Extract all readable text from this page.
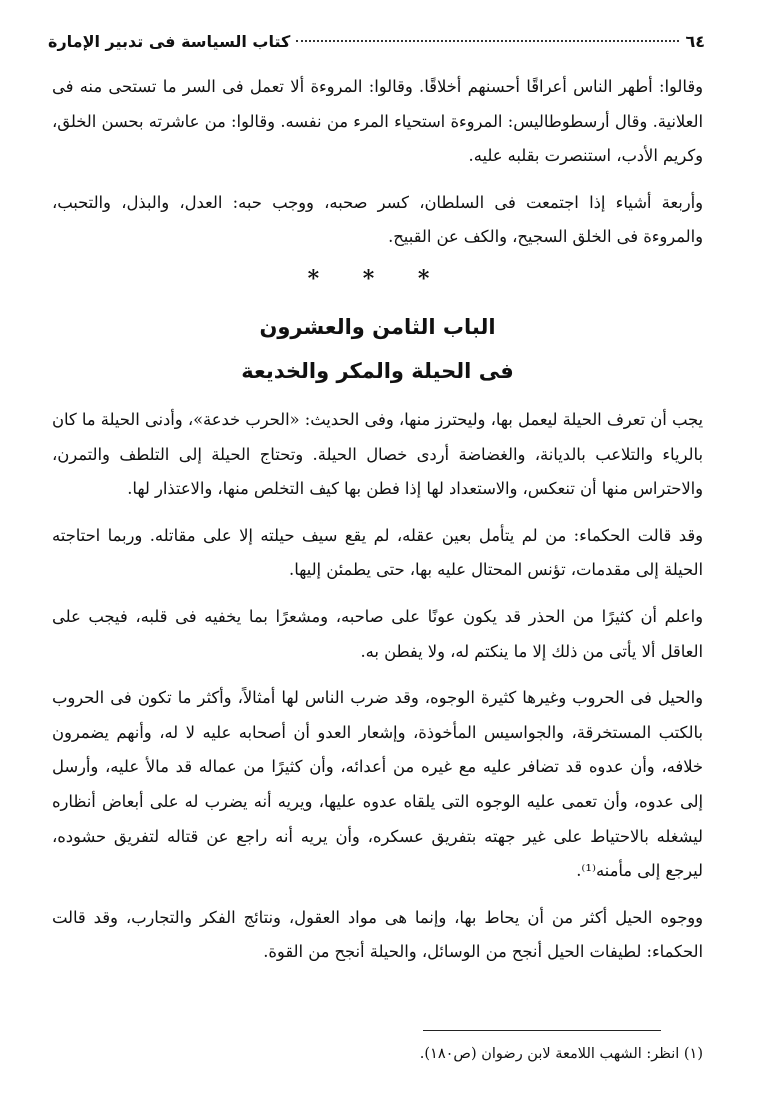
٦٤
كتاب السياسة فى تدبير الإمارة

وقالوا: أطهر الناس أعراقًا أحسنهم أخلاقًا. وقالوا: المروءة ألا تعمل فى السر ما تستحى منه فى العلانية. وقال أرسطوطاليس: المروءة استحياء المرء من نفسه. وقالوا: من عاشرته بحسن الخلق، وكريم الأدب، استنصرت بقلبه عليه.

وأربعة أشياء إذا اجتمعت فى السلطان، كسر صحبه، ووجب حبه: العدل، والبذل، والتحبب، والمروءة فى الخلق السجيح، والكف عن القبيح.

* * *
الباب الثامن والعشرون
فى الحيلة والمكر والخديعة

يجب أن تعرف الحيلة ليعمل بها، وليحترز منها، وفى الحديث: «الحرب خدعة»، وأدنى الحيلة ما كان بالرياء والتلاعب بالديانة، والغضاضة أردى خصال الحيلة. وتحتاج الحيلة إلى التلطف والتمرن، والاحتراس منها أن تنعكس، والاستعداد لها إذا فطن بها كيف التخلص منها، والاعتذار لها.

وقد قالت الحكماء: من لم يتأمل بعين عقله، لم يقع سيف حيلته إلا على مقاتله. وربما احتاجته الحيلة إلى مقدمات، تؤنس المحتال عليه بها، حتى يطمئن إليها.

واعلم أن كثيرًا من الحذر قد يكون عونًا على صاحبه، ومشعرًا بما يخفيه فى قلبه، فيجب على العاقل ألا يأتى من ذلك إلا ما ينكتم له، ولا يفطن به.

والحيل فى الحروب وغيرها كثيرة الوجوه، وقد ضرب الناس لها أمثالاً، وأكثر ما تكون فى الحروب بالكتب المستخرقة، والجواسيس المأخوذة، وإشعار العدو أن أصحابه عليه لا له، وأنهم يضمرون خلافه، وأن عدوه قد تضافر عليه مع غيره من أعدائه، وأن كثيرًا من عماله قد مالأ عليه، وأرسل إلى عدوه، وأن تعمى عليه الوجوه التى يلقاه عدوه عليها، ويريه أنه يضرب له على أبعاض أنظاره ليشغله بالاحتياط على غير جهته بتفريق عسكره، وأن يريه أنه راجع عن قتاله لتفريق حشوده، ليرجع إلى مأمنه⁽¹⁾.

ووجوه الحيل أكثر من أن يحاط بها، وإنما هى مواد العقول، ونتائج الفكر والتجارب، وقد قالت الحكماء: لطيفات الحيل أنجح من الوسائل، والحيلة أنجح من القوة.

(١) انظر: الشهب اللامعة لابن رضوان (ص١٨٠).
